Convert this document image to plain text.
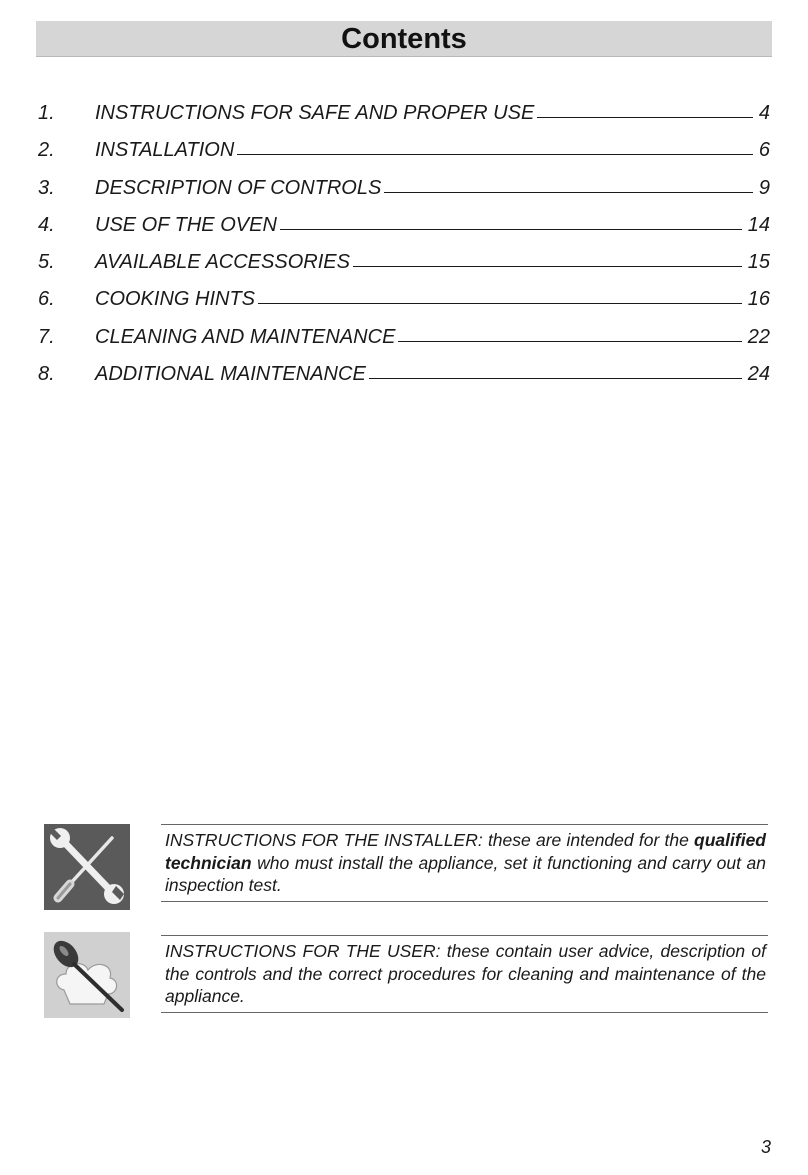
Contents
1.	INSTRUCTIONS FOR SAFE AND PROPER USE	4
2.	INSTALLATION	6
3.	DESCRIPTION OF CONTROLS	9
4.	USE OF THE OVEN	14
5.	AVAILABLE ACCESSORIES	15
6.	COOKING HINTS	16
7.	CLEANING AND MAINTENANCE	22
8.	ADDITIONAL MAINTENANCE	24
INSTRUCTIONS FOR THE INSTALLER: these are intended for the qualified technician who must install the appliance, set it functioning and carry out an inspection test.
INSTRUCTIONS FOR THE USER: these contain user advice, description of the controls and the correct procedures for cleaning and maintenance of the appliance.
3
